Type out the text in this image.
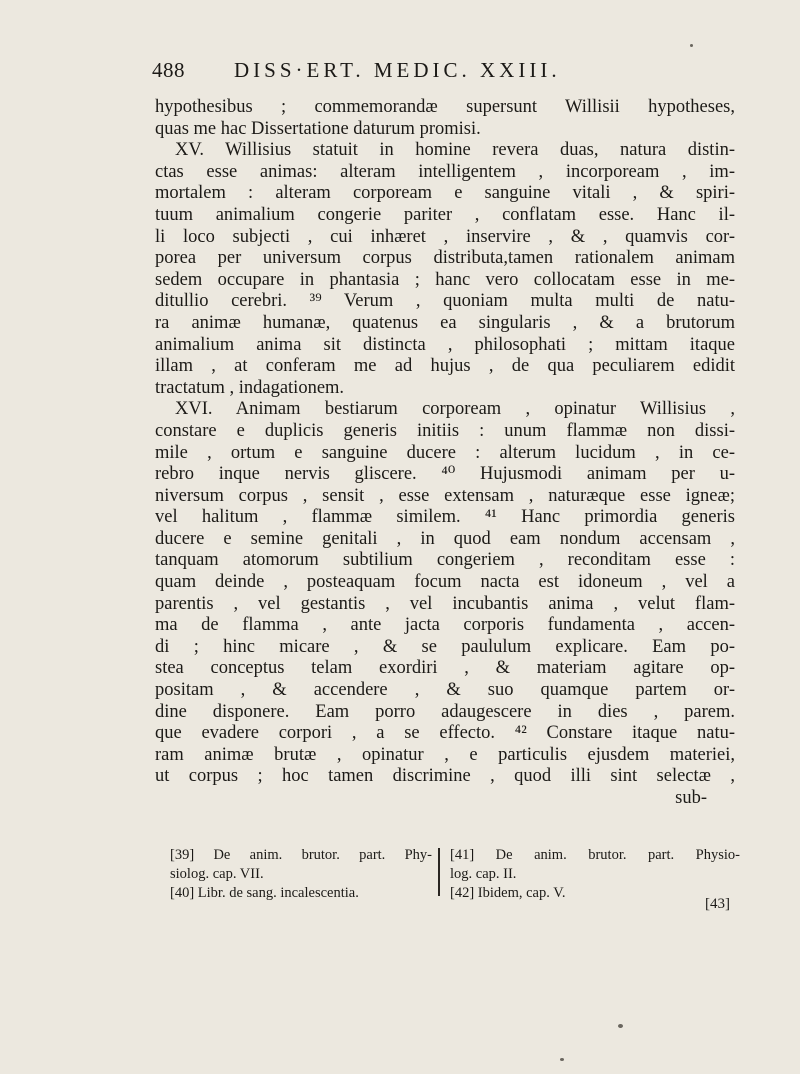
488 DISS·ERT. MEDIC. XXIII.
hypothesibus ; commemorandæ supersunt Willisii hypotheses,
quas me hac Dissertatione daturum promisi.
XV. Willisius statuit in homine revera duas, natura distin-
ctas esse animas: alteram intelligentem , incorpoream , im-
mortalem : alteram corpoream e sanguine vitali , & spiri-
tuum animalium congerie pariter , conflatam esse. Hanc il-
li loco subjecti , cui inhæret , inservire , & , quamvis cor-
porea per universum corpus distributa,tamen rationalem animam
sedem occupare in phantasia ; hanc vero collocatam esse in me-
ditullio cerebri. ³⁹ Verum , quoniam multa multi de natu-
ra animæ humanæ, quatenus ea singularis , & a brutorum
animalium anima sit distincta , philosophati ; mittam itaque
illam , at conferam me ad hujus , de qua peculiarem edidit
tractatum , indagationem.
XVI. Animam bestiarum corpoream , opinatur Willisius ,
constare e duplicis generis initiis : unum flammæ non dissi-
mile , ortum e sanguine ducere : alterum lucidum , in ce-
rebro inque nervis gliscere. ⁴⁰ Hujusmodi animam per u-
niversum corpus , sensit , esse extensam , naturæque esse igneæ;
vel halitum , flammæ similem. ⁴¹ Hanc primordia generis
ducere e semine genitali , in quod eam nondum accensam ,
tanquam atomorum subtilium congeriem , reconditam esse :
quam deinde , posteaquam focum nacta est idoneum , vel a
parentis , vel gestantis , vel incubantis anima , velut flam-
ma de flamma , ante jacta corporis fundamenta , accen-
di ; hinc micare , & se paululum explicare. Eam po-
stea conceptus telam exordiri , & materiam agitare op-
positam , & accendere , & suo quamque partem or-
dine disponere. Eam porro adaugescere in dies , parem.
que evadere corpori , a se effecto. ⁴² Constare itaque natu-
ram animæ brutæ , opinatur , e particulis ejusdem materiei,
ut corpus ; hoc tamen discrimine , quod illi sint selectæ ,
sub-
[39] De anim. brutor. part. Phy-
siolog. cap. VII.
[40] Libr. de sang. incalescentia.
[41] De anim. brutor. part. Physio-
log. cap. II.
[42] Ibidem, cap. V.
[43]
